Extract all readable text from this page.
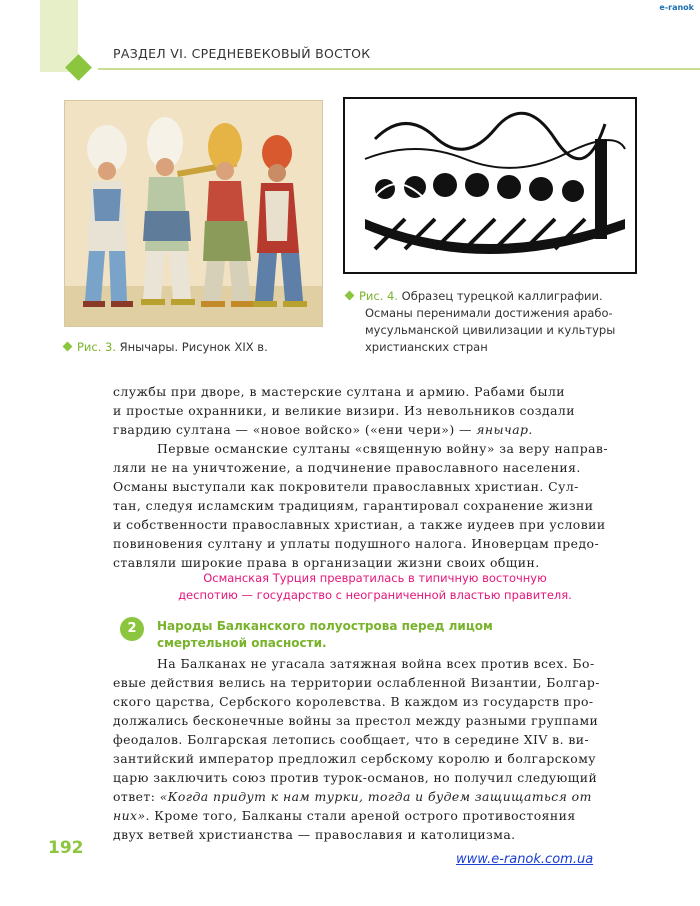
РАЗДЕЛ VI. СРЕДНЕВЕКОВЫЙ ВОСТОК
e-ranok
Рис. 3. Янычары. Рисунок XIX в.
Рис. 4. Образец турецкой каллиграфии.
Османы перенимали достижения арабо-
мусульманской цивилизации и культуры
христианских стран

службы при дворе, в мастерские султана и армию. Рабами были

и простые охранники, и великие визири. Из невольников создали

гвардию султана — «новое войско» («ени чери») — янычар.

Первые османские султаны «священную войну» за веру направ-

ляли не на уничтожение, а подчинение православного населения.

Османы выступали как покровители православных христиан. Сул-

тан, следуя исламским традициям, гарантировал сохранение жизни

и собственности православных христиан, а также иудеев при условии

повиновения султану и уплаты подушного налога. Иноверцам предо-

ставляли широкие права в организации жизни своих общин.

Османская Турция превратилась в типичную восточную
деспотию — государство с неограниченной властью правителя.
2	Народы Балканского полуострова перед лицом
смертельной опасности.

На Балканах не угасала затяжная война всех против всех. Бо-

евые действия велись на территории ослабленной Византии, Болгар-

ского царства, Сербского королевства. В каждом из государств про-

должались бесконечные войны за престол между разными группами

феодалов. Болгарская летопись сообщает, что в середине XIV в. ви-

зантийский император предложил сербскому королю и болгарскому

царю заключить союз против турок-османов, но получил следующий

ответ: «Когда придут к нам турки, тогда и будем защищаться от

них». Кроме того, Балканы стали ареной острого противостояния

двух ветвей христианства — православия и католицизма.

192
www.e-ranok.com.ua
